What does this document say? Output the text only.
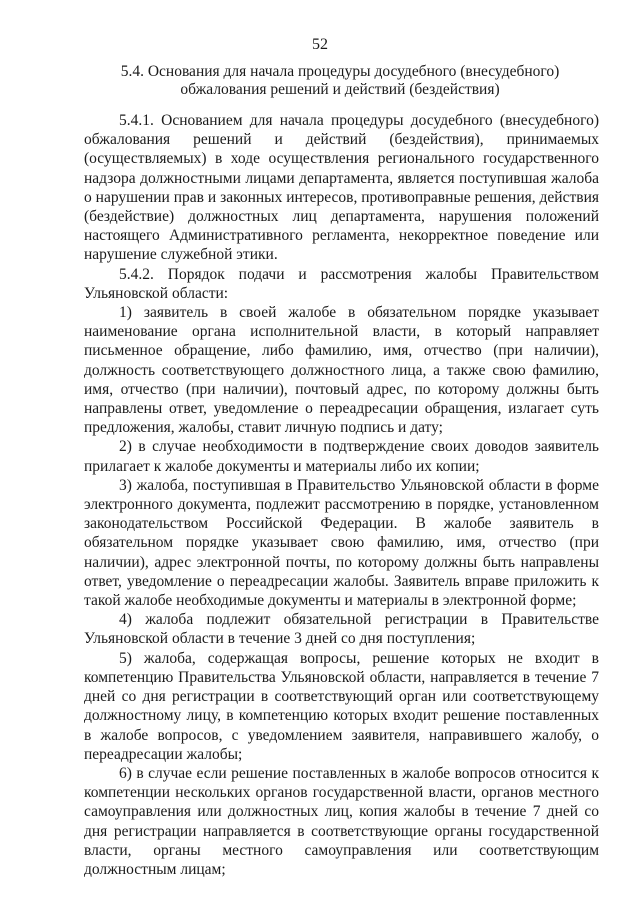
52
5.4. Основания для начала процедуры досудебного (внесудебного)
обжалования решений и действий (бездействия)

5.4.1. Основанием для начала процедуры досудебного (внесудебного) обжалования решений и действий (бездействия), принимаемых (осуществляемых) в ходе осуществления регионального государственного надзора должностными лицами департамента, является поступившая жалоба о нарушении прав и законных интересов, противоправные решения, действия (бездействие) должностных лиц департамента, нарушения положений настоящего Административного регламента, некорректное поведение или нарушение служебной этики.

5.4.2. Порядок подачи и рассмотрения жалобы Правительством Ульяновской области:

1) заявитель в своей жалобе в обязательном порядке указывает наименование органа исполнительной власти, в который направляет письменное обращение, либо фамилию, имя, отчество (при наличии), должность соответствующего должностного лица, а также свою фамилию, имя, отчество (при наличии), почтовый адрес, по которому должны быть направлены ответ, уведомление о переадресации обращения, излагает суть предложения, жалобы, ставит личную подпись и дату;

2) в случае необходимости в подтверждение своих доводов заявитель прилагает к жалобе документы и материалы либо их копии;

3) жалоба, поступившая в Правительство Ульяновской области в форме электронного документа, подлежит рассмотрению в порядке, установленном законодательством Российской Федерации. В жалобе заявитель в обязательном порядке указывает свою фамилию, имя, отчество (при наличии), адрес электронной почты, по которому должны быть направлены ответ, уведомление о переадресации жалобы. Заявитель вправе приложить к такой жалобе необходимые документы и материалы в электронной форме;

4) жалоба подлежит обязательной регистрации в Правительстве Ульяновской области в течение 3 дней со дня поступления;

5) жалоба, содержащая вопросы, решение которых не входит в компетенцию Правительства Ульяновской области, направляется в течение 7 дней со дня регистрации в соответствующий орган или соответствующему должностному лицу, в компетенцию которых входит решение поставленных в жалобе вопросов, с уведомлением заявителя, направившего жалобу, о переадресации жалобы;

6) в случае если решение поставленных в жалобе вопросов относится к компетенции нескольких органов государственной власти, органов местного самоуправления или должностных лиц, копия жалобы в течение 7 дней со дня регистрации направляется в соответствующие органы государственной власти, органы местного самоуправления или соответствующим должностным лицам;
